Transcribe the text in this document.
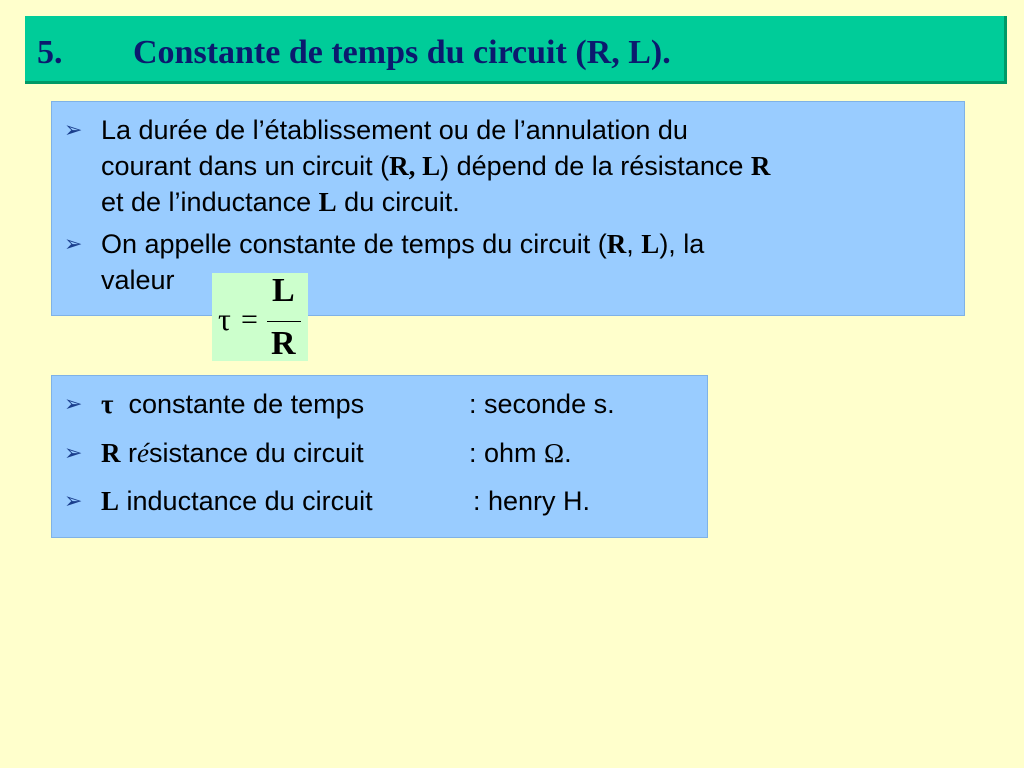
5. Constante de temps du circuit (R, L).
➢ La durée de l’établissement ou de l’annulation du
courant dans un circuit (R, L) dépend de la résistance R
et de l’inductance L du circuit.
➢ On appelle constante de temps du circuit (R, L), la
valeur
τ =
L
R
➢ τ constante de temps	: seconde s.
➢ R résistance du circuit	: ohm Ω.
➢ L inductance du circuit	: henry H.
